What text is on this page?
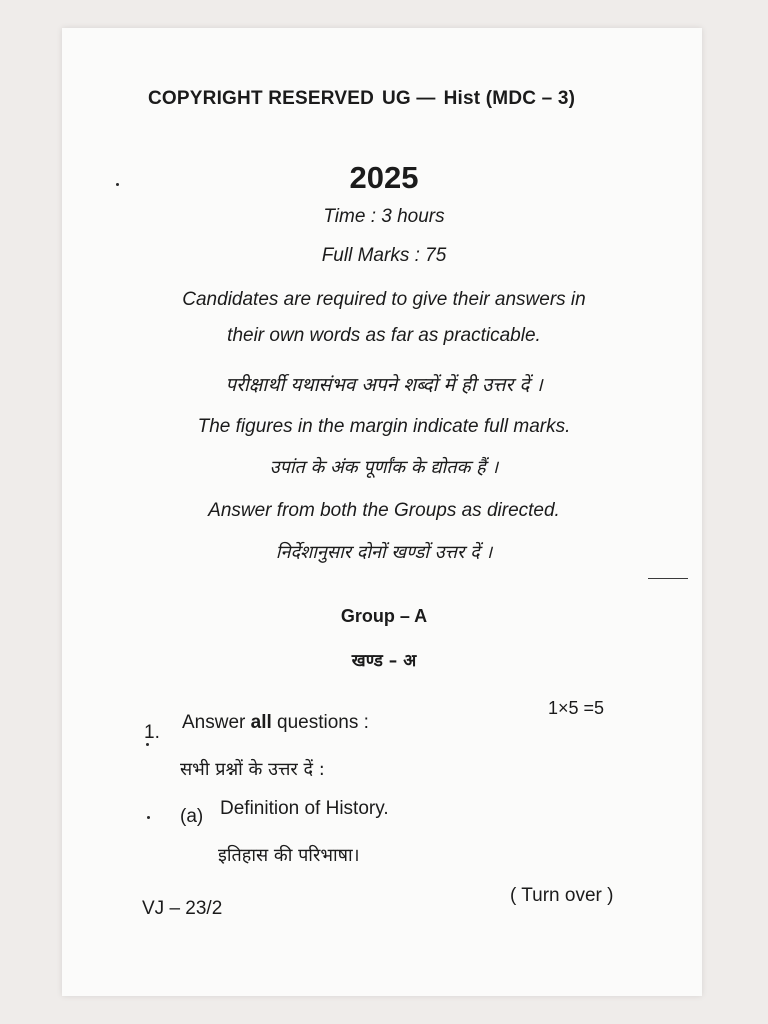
COPYRIGHT RESERVED UG — Hist (MDC – 3)
2025
Time : 3 hours
Full Marks : 75
Candidates are required to give their answers in
their own words as far as practicable.
परीक्षार्थी यथासंभव अपने शब्दों में ही उत्तर दें ।
The figures in the margin indicate full marks.
उपांत के अंक पूर्णांक के द्योतक हैं ।
Answer from both the Groups as directed.
निर्देशानुसार दोनों खण्डों उत्तर दें ।
Group – A
खण्ड – अ
1. Answer all questions :
1×5 =5
सभी प्रश्नों के उत्तर दें :
(a) Definition of History.
इतिहास की परिभाषा।
VJ – 23/2
( Turn over )
